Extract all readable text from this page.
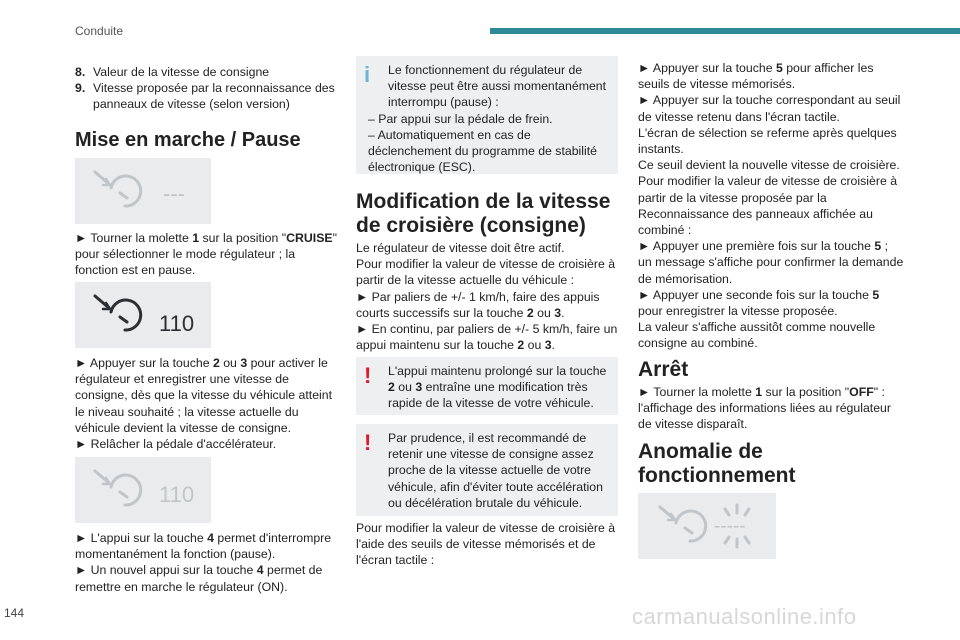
Conduite
144	carmanualsonline.info
8. Valeur de la vitesse de consigne
9. Vitesse proposée par la reconnaissance des panneaux de vitesse (selon version)

Mise en marche / Pause

---

► Tourner la molette 1 sur la position "CRUISE" pour sélectionner le mode régulateur ; la fonction est en pause.

110

► Appuyer sur la touche 2 ou 3 pour activer le régulateur et enregistrer une vitesse de consigne, dès que la vitesse du véhicule atteint le niveau souhaité ; la vitesse actuelle du véhicule devient la vitesse de consigne.

► Relâcher la pédale d'accélérateur.

110

► L'appui sur la touche 4 permet d'interrompre momentanément la fonction (pause).

► Un nouvel appui sur la touche 4 permet de remettre en marche le régulateur (ON).

i	Le fonctionnement du régulateur de vitesse peut être aussi momentanément interrompu (pause) :

– Par appui sur la pédale de frein.

– Automatiquement en cas de déclenchement du programme de stabilité électronique (ESC).

Modification de la vitesse de croisière (consigne)

Le régulateur de vitesse doit être actif.

Pour modifier la valeur de vitesse de croisière à partir de la vitesse actuelle du véhicule :

► Par paliers de +/- 1 km/h, faire des appuis courts successifs sur la touche 2 ou 3.

► En continu, par paliers de +/- 5 km/h, faire un appui maintenu sur la touche 2 ou 3.

!	L'appui maintenu prolongé sur la touche 2 ou 3 entraîne une modification très rapide de la vitesse de votre véhicule.

!	Par prudence, il est recommandé de retenir une vitesse de consigne assez proche de la vitesse actuelle de votre véhicule, afin d'éviter toute accélération ou décélération brutale du véhicule.

Pour modifier la valeur de vitesse de croisière à l'aide des seuils de vitesse mémorisés et de l'écran tactile :

► Appuyer sur la touche 5 pour afficher les seuils de vitesse mémorisés.

► Appuyer sur la touche correspondant au seuil de vitesse retenu dans l'écran tactile.

L'écran de sélection se referme après quelques instants.

Ce seuil devient la nouvelle vitesse de croisière.

Pour modifier la valeur de vitesse de croisière à partir de la vitesse proposée par la Reconnaissance des panneaux affichée au combiné :

► Appuyer une première fois sur la touche 5 ; un message s'affiche pour confirmer la demande de mémorisation.

► Appuyer une seconde fois sur la touche 5 pour enregistrer la vitesse proposée.

La valeur s'affiche aussitôt comme nouvelle consigne au combiné.

Arrêt

► Tourner la molette 1 sur la position "OFF" : l'affichage des informations liées au régulateur de vitesse disparaît.

Anomalie de
fonctionnement

-----
